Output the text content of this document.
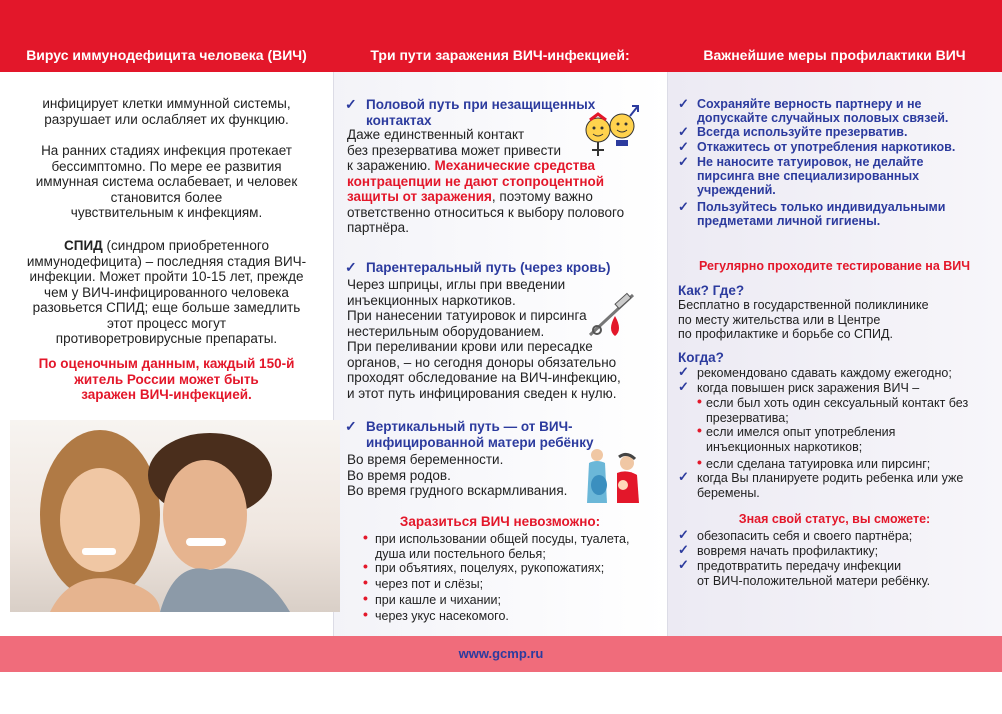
Вирус иммунодефицита человека (ВИЧ)	Три пути заражения ВИЧ-инфекцией:	Важнейшие меры профилактики ВИЧ
инфицирует клетки иммунной системы,
разрушает или ослабляет их функцию.
На ранних стадиях инфекция протекает
бессимптомно. По мере ее развития
иммунная система ослабевает, и человек
становится более
чувствительным к инфекциям.
СПИД (синдром приобретенного
иммунодефицита) – последняя стадия ВИЧ-
инфекции. Может пройти 10-15 лет, прежде
чем у ВИЧ-инфицированного человека
разовьется СПИД; еще больше замедлить
этот процесс могут
противоретровирусные препараты.
По оценочным данным, каждый 150-й
житель России может быть
заражен ВИЧ-инфекцией.
✓ Половой путь при незащищенных
контактах
Даже единственный контакт
без презерватива может привести
к заражению. Механические средства
контрацепции не дают стопроцентной
защиты от заражения, поэтому важно
ответственно относиться к выбору полового
партнёра.
✓ Парентеральный путь (через кровь)
Через шприцы, иглы при введении
инъекционных наркотиков.
При нанесении татуировок и пирсинга
нестерильным оборудованием.
При переливании крови или пересадке
органов, – но сегодня доноры обязательно
проходят обследование на ВИЧ-инфекцию,
и этот путь инфицирования сведен к нулю.
✓ Вертикальный путь — от ВИЧ-
инфицированной матери ребёнку
Во время беременности.
Во время родов.
Во время грудного вскармливания.
Заразиться ВИЧ невозможно:
• при использовании общей посуды, туалета,
душа или постельного белья;
• при объятиях, поцелуях, рукопожатиях;
• через пот и слёзы;
• при кашле и чихании;
• через укус насекомого.
✓ Сохраняйте верность партнеру и не
допускайте случайных половых связей.
✓ Всегда используйте презерватив.
✓ Откажитесь от употребления наркотиков.
✓ Не наносите татуировок, не делайте
пирсинга вне специализированных
учреждений.
✓ Пользуйтесь только индивидуальными
предметами личной гигиены.
Регулярно проходите тестирование на ВИЧ
Как? Где?
Бесплатно в государственной поликлинике
по месту жительства или в Центре
по профилактике и борьбе со СПИД.
Когда?
✓ рекомендовано сдавать каждому ежегодно;
✓ когда повышен риск заражения ВИЧ –
• если был хоть один сексуальный контакт без
презерватива;
• если имелся опыт употребления
инъекционных наркотиков;
• если сделана татуировка или пирсинг;
✓ когда Вы планируете родить ребенка или уже
беремены.
Зная свой статус, вы сможете:
✓ обезопасить себя и своего партнёра;
✓ вовремя начать профилактику;
✓ предотвратить передачу инфекции
от ВИЧ-положительной матери ребёнку.
www.gcmp.ru
